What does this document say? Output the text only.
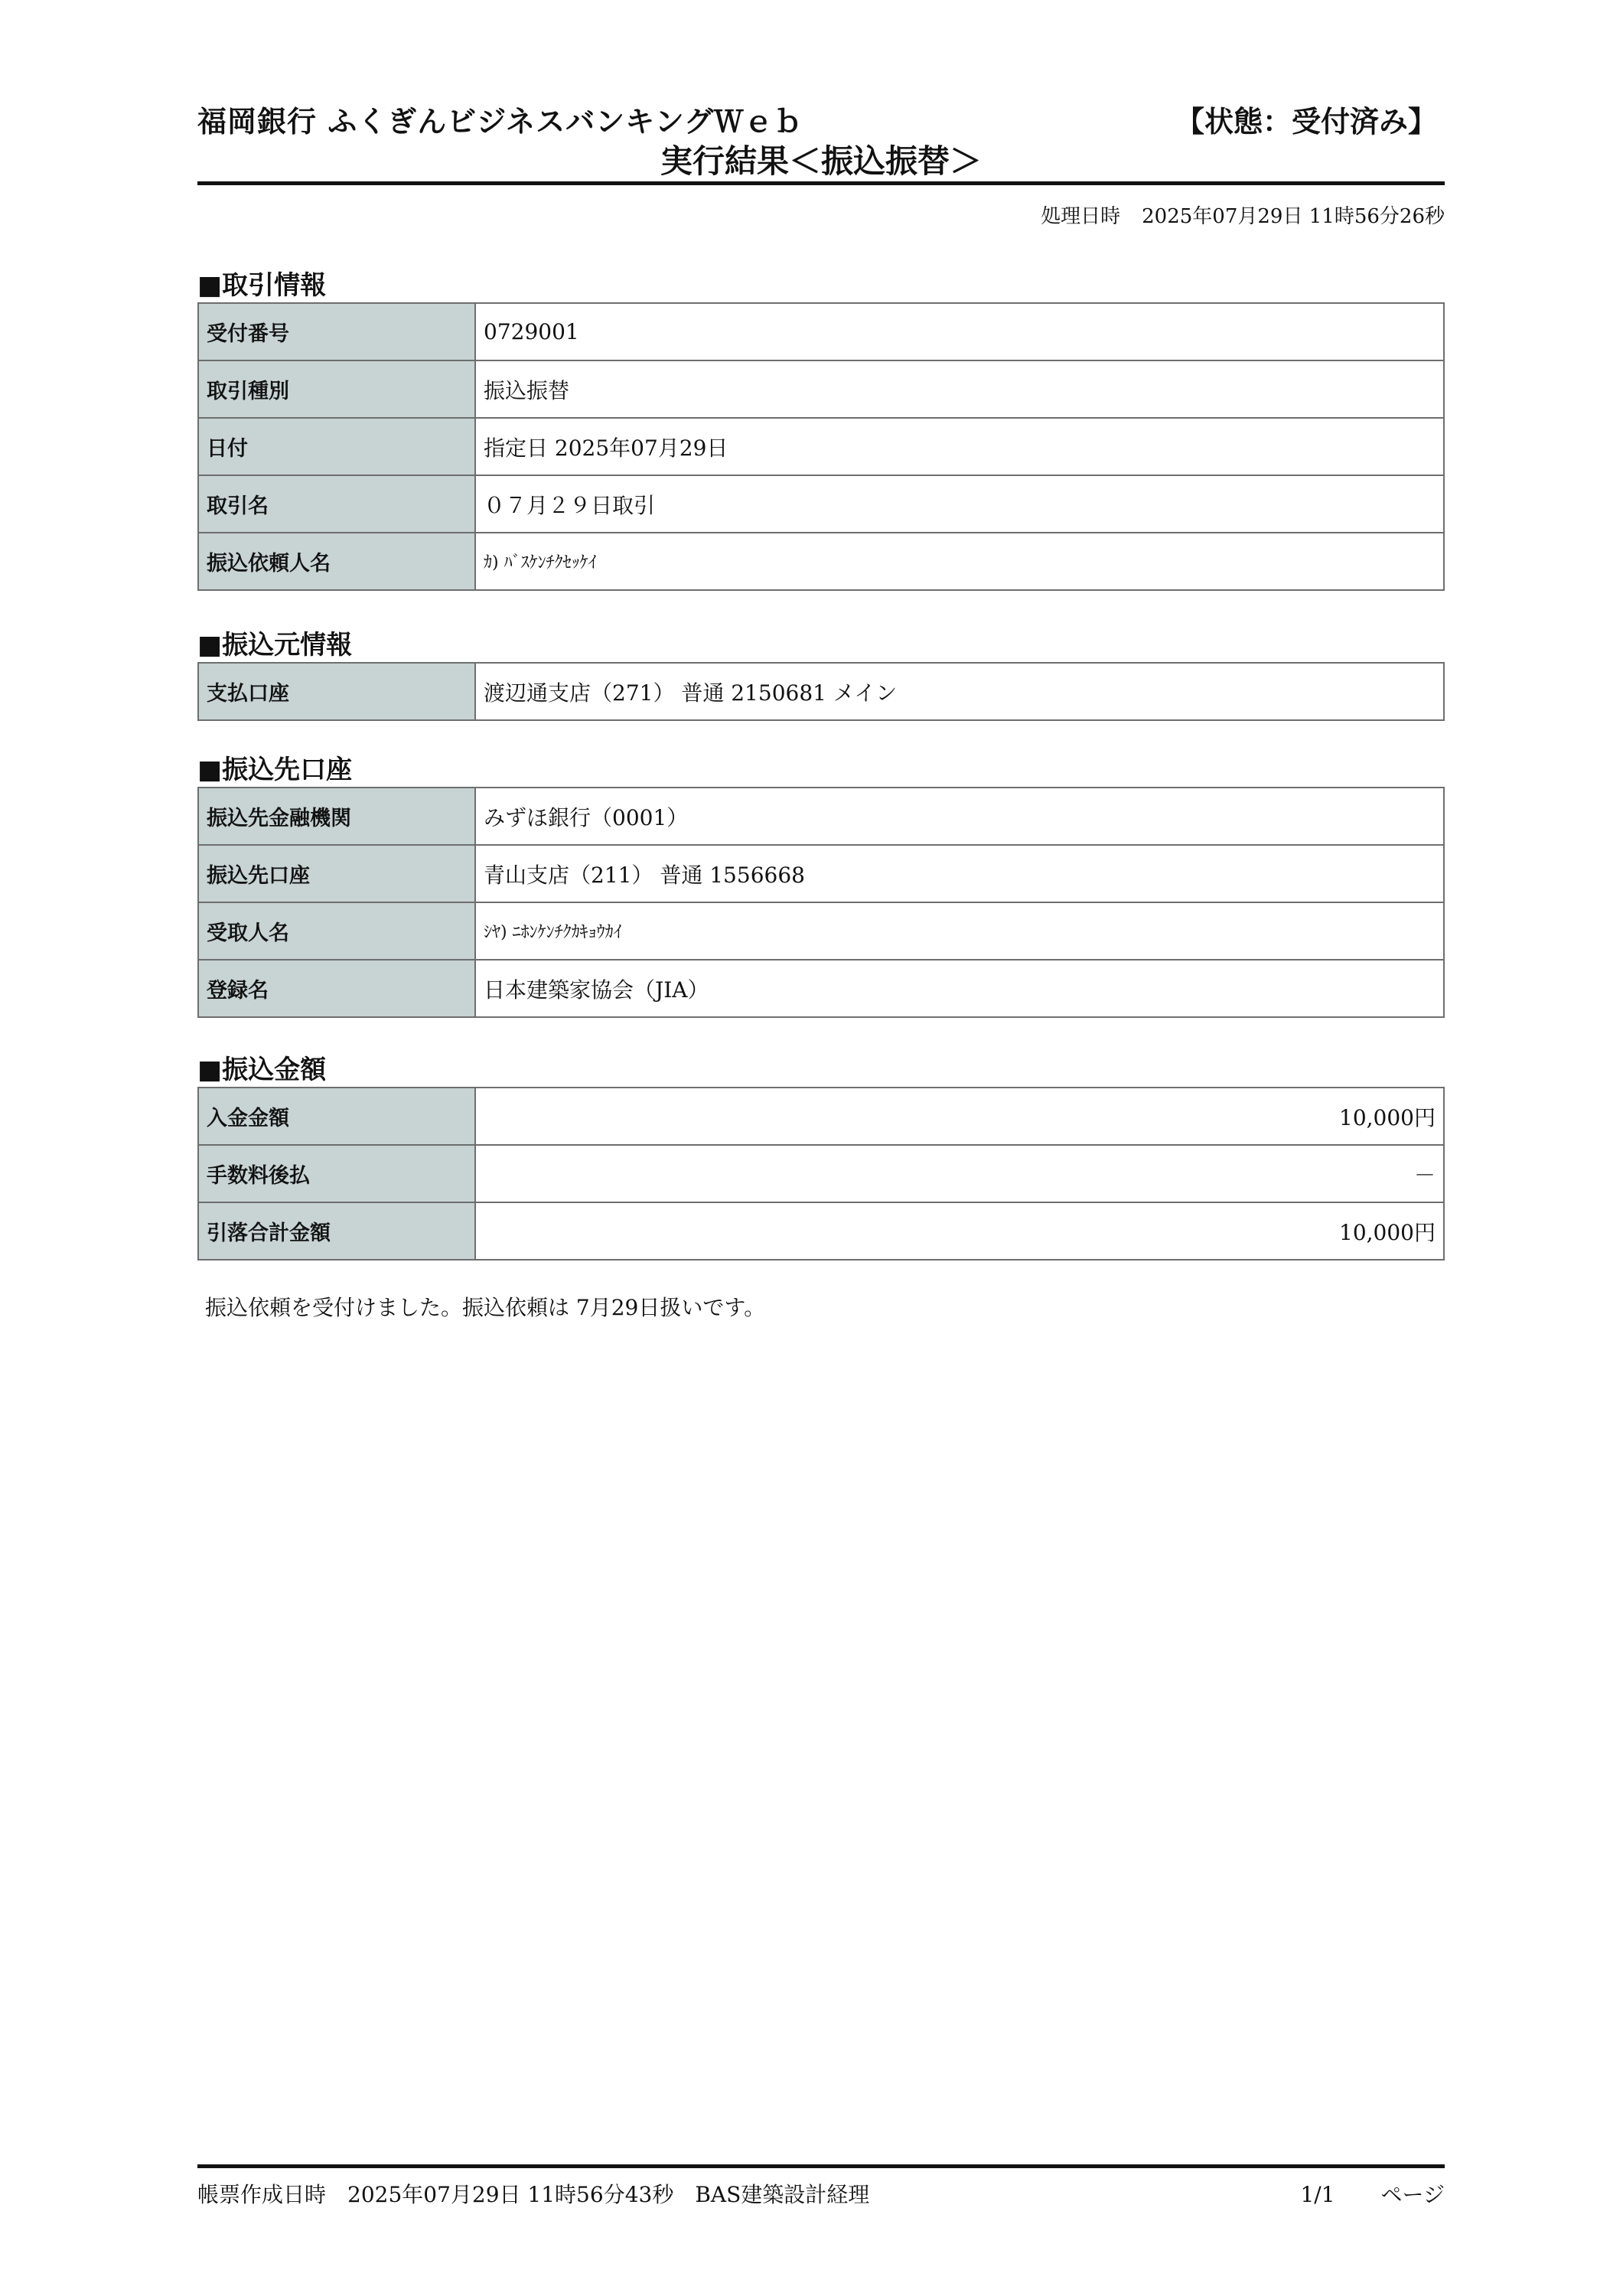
福岡銀行 ふくぎんビジネスバンキングＷｅｂ	【状態：受付済み】
実行結果＜振込振替＞
処理日時 2025年07月29日 11時56分26秒
■取引情報
受付番号	0729001
取引種別	振込振替
日付	指定日 2025年07月29日
取引名	０７月２９日取引
振込依頼人名	ｶ) ﾊﾞｽｹﾝﾁｸｾｯｹｲ
■振込元情報
支払口座	渡辺通支店（271） 普通 2150681 メイン
■振込先口座
振込先金融機関	みずほ銀行（0001）
振込先口座	青山支店（211） 普通 1556668
受取人名	ｼﾔ) ﾆﾎﾝｹﾝﾁｸｶｷｮｳｶｲ
登録名	日本建築家協会（JIA）
■振込金額
入金金額	10,000円
手数料後払	－
引落合計金額	10,000円
振込依頼を受付けました。振込依頼は 7月29日扱いです。
帳票作成日時 2025年07月29日 11時56分43秒 BAS建築設計経理	1/1 ページ
